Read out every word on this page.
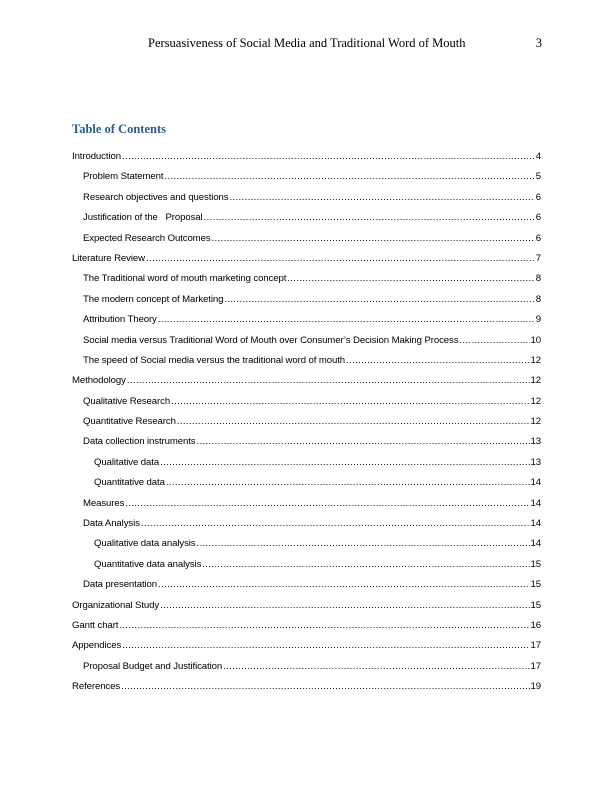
Persuasiveness of Social Media and Traditional Word of Mouth	3
Table of Contents
Introduction .....	4
Problem Statement .....	5
Research objectives and questions .....	6
Justification of the   Proposal .....	6
Expected Research Outcomes .....	6
Literature Review .....	7
The Traditional word of mouth marketing concept .....	8
The modern concept of Marketing .....	8
Attribution Theory .....	9
Social media versus Traditional Word of Mouth over Consumer’s Decision Making Process .....	10
The speed of Social media versus the traditional word of mouth .....	12
Methodology .....	12
Qualitative Research .....	12
Quantitative Research .....	12
Data collection instruments .....	13
Qualitative data .....	13
Quantitative data .....	14
Measures .....	14
Data Analysis .....	14
Qualitative data analysis .....	14
Quantitative data analysis .....	15
Data presentation .....	15
Organizational Study .....	15
Gantt chart .....	16
Appendices .....	17
Proposal Budget and Justification .....	17
References .....	19
